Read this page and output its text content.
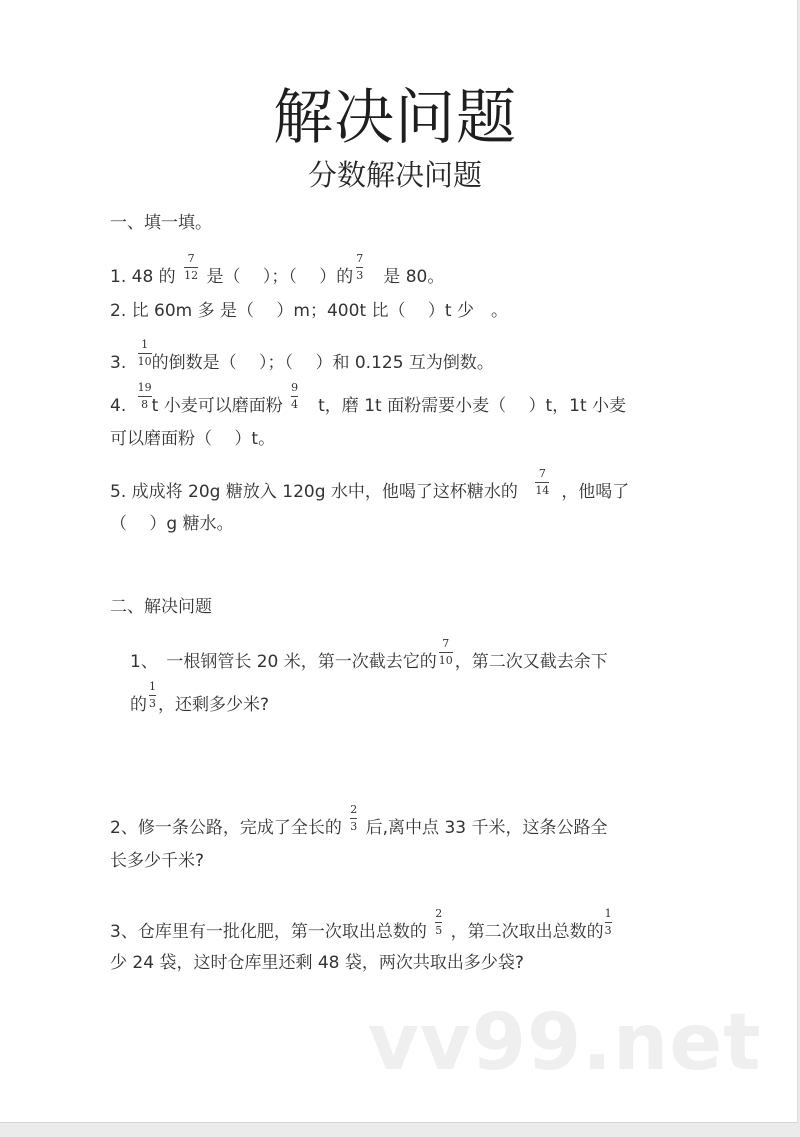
解决问题
分数解决问题
一、填一填。
1. 48 的 $\frac{7}{12}$ 是（　 ）；（　 ）的 $\frac{7}{3}$ 　是 80。
2. 比 60m 多 是（　 ）m；400t 比（　 ）t 少　。
3. $\frac{1}{10}$ 的倒数是（　 ）；（　 ）和 0.125 互为倒数。
4. $\frac{19}{8}$ t 小麦可以磨面粉 $\frac{9}{4}$ 　t，磨 1t 面粉需要小麦（　 ）t，1t 小麦
可以磨面粉（　 ）t。
5. 成成将 20g 糖放入 120g 水中，他喝了这杯糖水的 $\frac{7}{14}$ ，他喝了
（　 ）g 糖水。
二、解决问题
1、　一根钢管长 20 米，第一次截去它的 $\frac{7}{10}$ ，第二次又截去余下
的 $\frac{1}{3}$ ，还剩多少米?
2、修一条公路，完成了全长的 $\frac{2}{3}$ 后,离中点 33 千米，这条公路全
长多少千米?
3、仓库里有一批化肥，第一次取出总数的 $\frac{2}{5}$ ，第二次取出总数的 $\frac{1}{3}$
少 24 袋，这时仓库里还剩 48 袋，两次共取出多少袋?
vv99.net
